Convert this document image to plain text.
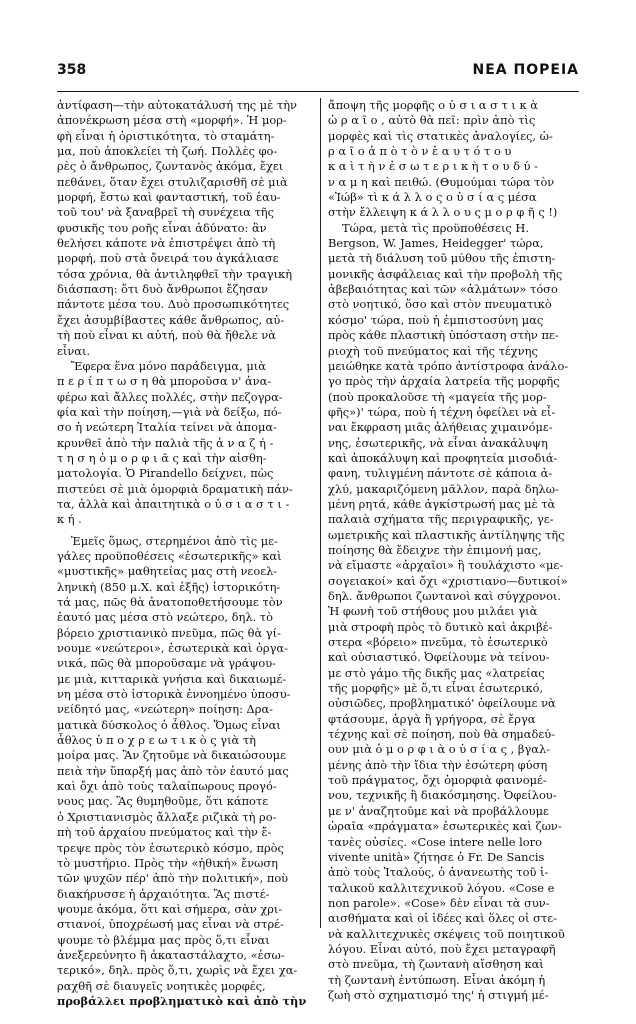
358	ΝΕΑ ΠΟΡΕΙΑ
ἀντίφαση—τὴν αὐτοκατάλυσή της μὲ τὴν
ἀπονέκρωση μέσα στὴ «μορφή». Ἡ μορ-
φὴ εἶναι ἡ ὁριστικότητα, τὸ σταμάτη-
μα, ποὺ ἀποκλείει τὴ ζωή. Πολλὲς φο-
ρὲς ὁ ἄνθρωπος, ζωντανὸς ἀκόμα, ἔχει
πεθάνει, ὅταν ἔχει στυλιζαρισθῆ σὲ μιὰ
μορφή, ἔστω καὶ φανταστική, τοῦ ἑαυ-
τοῦ του' νὰ ξαναβρεῖ τὴ συνέχεια τῆς
φυσικῆς του ροῆς εἶναι ἀδύνατο: ἂν
θελήσει κάποτε νὰ ἐπιστρέψει ἀπὸ τὴ
μορφή, ποὺ στὰ ὄνειρά του ἀγκάλιασε
τόσα χρόνια, θὰ ἀντιληφθεῖ τὴν τραγικὴ
διάσπαση: ὅτι δυὸ ἄνθρωποι ἔζησαν
πάντοτε μέσα του. Δυὸ προσωπικότητες
ἔχει ἀσυμβίβαστες κάθε ἄνθρωπος, αὐ-
τὴ ποὺ εἶναι κι αὐτή, ποὺ θὰ ἤθελε νὰ
εἶναι.
Ἔφερα ἕνα μόνο παράδειγμα, μιὰ
π ε ρ ί π τ ω σ η θὰ μποροῦσα ν' ἀνα-
φέρω καὶ ἄλλες πολλές, στὴν πεζογρα-
φία καὶ τὴν ποίηση,—γιὰ νὰ δείξω, πό-
σο ἡ νεώτερη Ἰταλία τείνει νὰ ἀπομα-
κρυνθεῖ ἀπὸ τὴν παλιὰ τῆς ἀ ν α ζ ή -
τ η σ η ὁ μ ο ρ φ ι ᾶ ς καὶ τὴν αἰσθη-
ματολογία. Ὁ Pirandello δείχνει, πὼς
πιστεύει σὲ μιὰ ὁμορφιὰ δραματικὴ πάν-
τα, ἀλλὰ καὶ ἀπαιτητικὰ ο ὐ σ ι α σ τ ι -
κ ή .
Ἐμεῖς ὅμως, στερημένοι ἀπὸ τὶς με-
γάλες προϋποθέσεις «ἐσωτερικῆς» καὶ
«μυστικῆς» μαθητείας μας στὴ νεοελ-
ληνικὴ (850 μ.Χ. καὶ ἑξῆς) ἱστορικότη-
τά μας, πῶς θὰ ἀνατοποθετήσουμε τὸν
ἑαυτό μας μέσα στὸ νεώτερο, δηλ. τὸ
βόρειο χριστιανικὸ πνεῦμα, πῶς θὰ γί-
νουμε «νεώτεροι», ἐσωτερικὰ καὶ ὀργα-
νικά, πῶς θὰ μποροῦσαμε νὰ γράψου-
με μιὰ, κιτταρικὰ γνήσια καὶ δικαιωμέ-
νη μέσα στὸ ἱστορικὰ ἐννοημένο ὑποσυ-
νείδητό μας, «νεώτερη» ποίηση: Δρα-
ματικὰ δύσκολος ὁ ἆθλος. Ὅμως εἶναι
ἆθλος ὑ π ο χ ρ ε ω τ ι κ ὸ ς γιὰ τὴ
μοίρα μας. Ἂν ζητοῦμε νὰ δικαιώσουμε
πειὰ τὴν ὕπαρξή μας ἀπὸ τὸν ἑαυτό μας
καὶ ὄχι ἀπὸ τοὺς ταλαίπωρους προγό-
νους μας. Ἂς θυμηθοῦμε, ὅτι κάποτε
ὁ Χριστιανισμὸς ἄλλαξε ριζικὰ τὴ ρο-
πὴ τοῦ ἀρχαίου πνεύματος καὶ τὴν ἔ-
τρεψε πρὸς τὸν ἐσωτερικὸ κόσμο, πρὸς
τὸ μυστήριο. Πρὸς τὴν «ἠθική» ἔνωση
τῶν ψυχῶν πέρ' ἀπὸ τὴν πολιτική», ποὺ
διακήρυσσε ἡ ἀρχαιότητα. Ἂς πιστέ-
ψουμε ἀκόμα, ὅτι καὶ σήμερα, σὰν χρι-
στιανοί, ὑποχρέωσή μας εἶναι νὰ στρέ-
ψουμε τὸ βλέμμα μας πρὸς ὅ,τι εἶναι
ἀνεξερεύνητο ἢ ἀκαταστάλαχτο, «ἐσω-
τερικό», δηλ. πρὸς ὅ,τι, χωρὶς νὰ ἔχει χα-
ραχθῆ σὲ διαυγεῖς νοητικὲς μορφές,
προβάλλει προβληματικὸ καὶ ἀπὸ τὴν
ἄποψη τῆς μορφῆς ο ὐ σ ι α σ τ ι κ ὰ
ὡ ρ α ῖ ο , αὐτὸ θὰ πεῖ: πρὶν ἀπὸ τὶς
μορφὲς καὶ τὶς στατικὲς ἀναλογίες, ὡ-
ρ α ῖ ο ἀ π ὸ τ ὸ ν ἑ α υ τ ό τ ο υ
κ α ὶ τ ὴ ν ἐ σ ω τ ε ρ ι κ ὴ τ ο υ δ ύ -
ν α μ η καὶ πειθώ. (Θυμούμαι τώρα τὸν
«Ἰώβ» τὶ κ ά λ λ ο ς ο ὐ σ ί α ς μέσα
στὴν ἔλλειψη κ ά λ λ ο υ ς μ ο ρ φ ῆ ς !)
Τώρα, μετὰ τὶς προϋποθέσεις Η.
Bergson, W. James, Heidegger' τώρα,
μετὰ τὴ διάλυση τοῦ μύθου τῆς ἐπιστη-
μονικῆς ἀσφάλειας καὶ τὴν προβολὴ τῆς
ἀβεβαιότητας καὶ τῶν «ἁλμάτων» τόσο
στὸ νοητικό, ὅσο καὶ στὸν πνευματικὸ
κόσμο' τώρα, ποὺ ἡ ἐμπιστοσύνη μας
πρὸς κάθε πλαστικὴ ὑπόσταση στὴν πε-
ριοχὴ τοῦ πνεύματος καὶ τῆς τέχνης
μειώθηκε κατὰ τρόπο ἀντίστροφα ἀνάλο-
γο πρὸς τὴν ἀρχαία λατρεία τῆς μορφῆς
(ποὺ προκαλοῦσε τὴ «μαγεία τῆς μορ-
φῆς»)' τώρα, ποὺ ἡ τέχνη ὀφείλει νὰ εἶ-
ναι ἔκφραση μιᾶς ἀλήθειας χιμαινόμε-
νης, ἐσωτερικῆς, νὰ εἶναι ἀνακάλυψη
καὶ ἀποκάλυψη καὶ προφητεία μισοδιά-
φανη, τυλιγμένη πάντοτε σὲ κάποια ἀ-
χλύ, μακαριζόμενη μᾶλλον, παρὰ δηλω-
μένη ρητά, κάθε ἀγκίστρωσή μας μὲ τὰ
παλαιὰ σχήματα τῆς περιγραφικῆς, γε-
ωμετρικῆς καὶ πλαστικῆς ἀντίληψης τῆς
ποίησης θὰ ἔδειχνε τὴν ἐπιμονή μας,
νὰ εἴμαστε «ἀρχαῖοι» ἢ τουλάχιστο «με-
σογειακοί» καὶ ὄχι «χριστιανο—δυτικοί»
δηλ. ἄνθρωποι ζωντανοὶ καὶ σύγχρονοι.
Ἡ φωνὴ τοῦ στήθους μου μιλάει γιὰ
μιὰ στροφὴ πρὸς τὸ δυτικὸ καὶ ἀκριβέ-
στερα «βόρειο» πνεῦμα, τὸ ἐσωτερικὸ
καὶ οὐσιαστικό. Ὀφείλουμε νὰ τείνου-
με στὸ γάμο τῆς δικῆς μας «λατρείας
τῆς μορφῆς» μὲ ὅ,τι εἶναι ἐσωτερικό,
οὐσιῶδες, προβληματικό' ὀφείλουμε νὰ
φτάσουμε, ἀργὰ ἢ γρήγορα, σὲ ἔργα
τέχνης καὶ σὲ ποίηση, ποὺ θὰ σημαδεύ-
ουν μιὰ ὁ μ ο ρ φ ι ὰ ο ὐ σ ί α ς , βγαλ-
μένης ἀπὸ τὴν ἴδια τὴν ἐσώτερη φύση
τοῦ πράγματος, ὄχι ὁμορφιὰ φαινομέ-
νου, τεχνικῆς ἢ διακόσμησης. Ὀφείλου-
με ν' ἀναζητοῦμε καὶ νὰ προβάλλουμε
ὡραῖα «πράγματα» ἐσωτερικὲς καὶ ζων-
τανὲς οὐσίες. «Cose intere nelle loro
vivente unità» ζήτησε ὁ Fr. De Sancis
ἀπὸ τοὺς Ἰταλούς, ὁ ἀνανεωτὴς τοῦ ἰ-
ταλικοῦ καλλιτεχνικοῦ λόγου. «Cose e
non parole». «Cose» δὲν εἶναι τὰ συν-
αισθήματα καὶ οἱ ἰδέες καὶ ὅλες οἱ στε-
νὰ καλλιτεχνικὲς σκέψεις τοῦ ποιητικοῦ
λόγου. Εἶναι αὐτό, ποὺ ἔχει μεταγραφῆ
στὸ πνεῦμα, τὴ ζωντανὴ αἴσθηση καὶ
τὴ ζωντανὴ ἐντύπωση. Εἶναι ἀκόμη ἡ
ζωὴ στὸ σχηματισμό της' ἡ στιγμή μέ-
